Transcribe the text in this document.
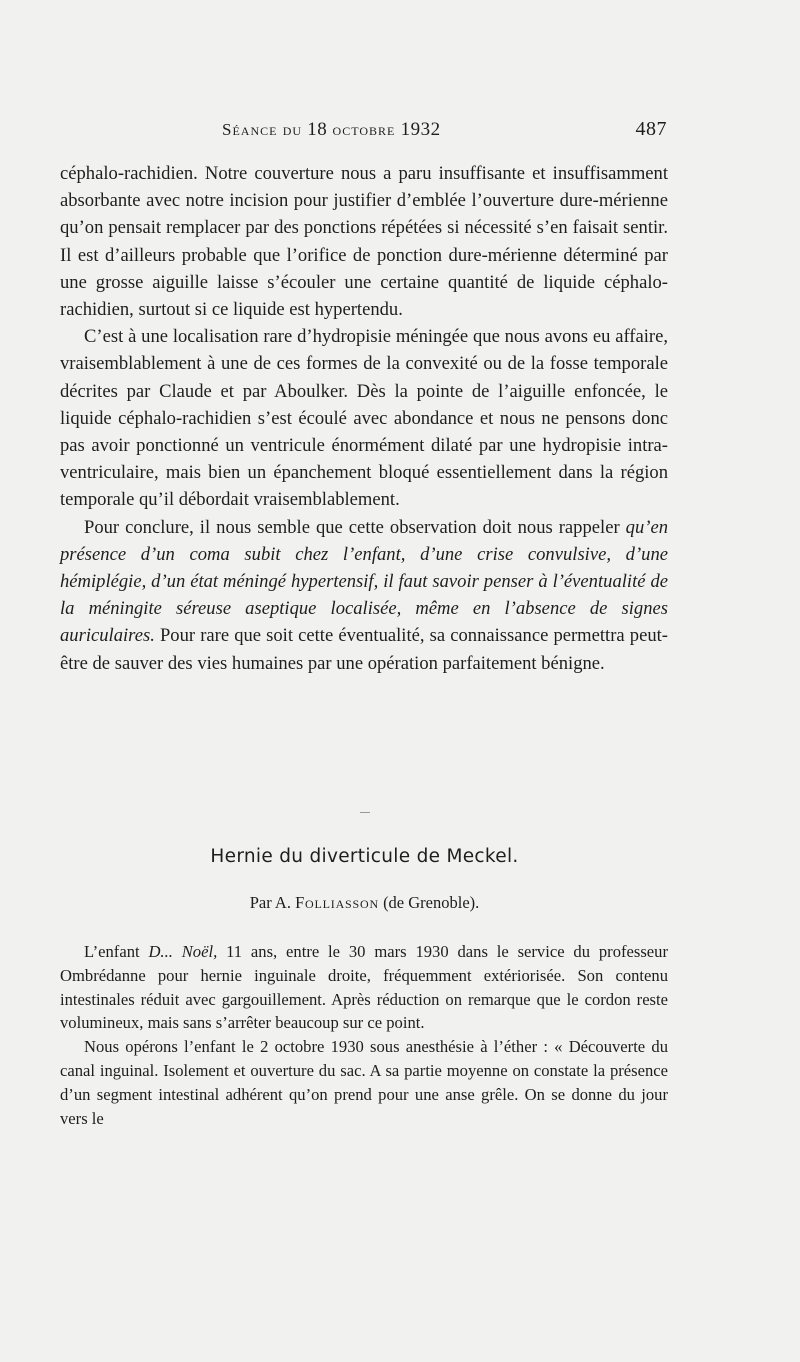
Séance du 18 octobre 1932	487

céphalo-rachidien. Notre couverture nous a paru insuffisante et insuffisamment absorbante avec notre incision pour justifier d’emblée l’ouverture dure-mérienne qu’on pensait remplacer par des ponctions répétées si nécessité s’en faisait sentir. Il est d’ailleurs probable que l’orifice de ponction dure-mérienne déterminé par une grosse aiguille laisse s’écouler une certaine quantité de liquide céphalo-rachidien, surtout si ce liquide est hypertendu.

C’est à une localisation rare d’hydropisie méningée que nous avons eu affaire, vraisemblablement à une de ces formes de la convexité ou de la fosse temporale décrites par Claude et par Aboulker. Dès la pointe de l’aiguille enfoncée, le liquide céphalo-rachidien s’est écoulé avec abondance et nous ne pensons donc pas avoir ponctionné un ventricule énormément dilaté par une hydropisie intra-ventriculaire, mais bien un épanchement bloqué essentiellement dans la région temporale qu’il débordait vraisemblablement.

Pour conclure, il nous semble que cette observation doit nous rappeler qu’en présence d’un coma subit chez l’enfant, d’une crise convulsive, d’une hémiplégie, d’un état méningé hypertensif, il faut savoir penser à l’éventualité de la méningite séreuse aseptique localisée, même en l’absence de signes auriculaires. Pour rare que soit cette éventualité, sa connaissance permettra peut-être de sauver des vies humaines par une opération parfaitement bénigne.

Hernie du diverticule de Meckel.
Par A. Folliasson (de Grenoble).

L’enfant D... Noël, 11 ans, entre le 30 mars 1930 dans le service du professeur Ombrédanne pour hernie inguinale droite, fréquemment extériorisée. Son contenu intestinales réduit avec gargouillement. Après réduction on remarque que le cordon reste volumineux, mais sans s’arrêter beaucoup sur ce point.

Nous opérons l’enfant le 2 octobre 1930 sous anesthésie à l’éther : « Découverte du canal inguinal. Isolement et ouverture du sac. A sa partie moyenne on constate la présence d’un segment intestinal adhérent qu’on prend pour une anse grêle. On se donne du jour vers le
